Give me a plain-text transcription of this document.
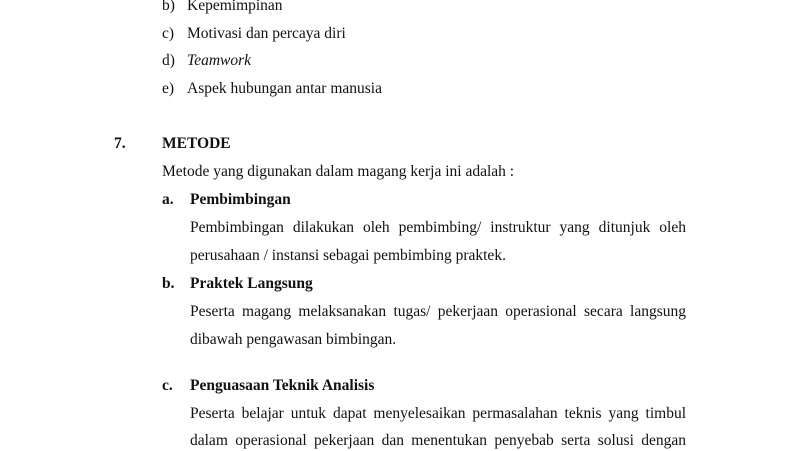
b) Kepemimpinan
c) Motivasi dan percaya diri
d) Teamwork
e) Aspek hubungan antar manusia
7. METODE
Metode yang digunakan dalam magang kerja ini adalah :
a. Pembimbingan
Pembimbingan dilakukan oleh pembimbing/ instruktur yang ditunjuk oleh
perusahaan / instansi sebagai pembimbing praktek.
b. Praktek Langsung
Peserta magang melaksanakan tugas/ pekerjaan operasional secara langsung
dibawah pengawasan bimbingan.
c. Penguasaan Teknik Analisis
Peserta belajar untuk dapat menyelesaikan permasalahan teknis yang timbul
dalam operasional pekerjaan dan menentukan penyebab serta solusi dengan
